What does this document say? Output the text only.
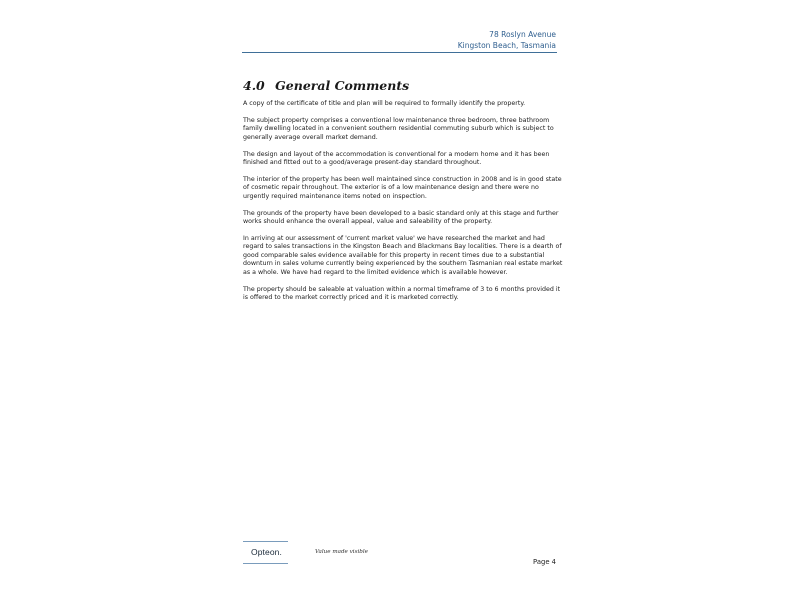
78 Roslyn Avenue
Kingston Beach, Tasmania
4.0 General Comments

A copy of the certificate of title and plan will be required to formally identify the property.

The subject property comprises a conventional low maintenance three bedroom, three bathroom family dwelling located in a convenient southern residential commuting suburb which is subject to generally average overall market demand.

The design and layout of the accommodation is conventional for a modern home and it has been finished and fitted out to a good/average present-day standard throughout.

The interior of the property has been well maintained since construction in 2008 and is in good state of cosmetic repair throughout. The exterior is of a low maintenance design and there were no urgently required maintenance items noted on inspection.

The grounds of the property have been developed to a basic standard only at this stage and further works should enhance the overall appeal, value and saleability of the property.

In arriving at our assessment of 'current market value' we have researched the market and had regard to sales transactions in the Kingston Beach and Blackmans Bay localities. There is a dearth of good comparable sales evidence available for this property in recent times due to a substantial downturn in sales volume currently being experienced by the southern Tasmanian real estate market as a whole. We have had regard to the limited evidence which is available however.

The property should be saleable at valuation within a normal timeframe of 3 to 6 months provided it is offered to the market correctly priced and it is marketed correctly.

Opteon.	Value made visible
Page 4
